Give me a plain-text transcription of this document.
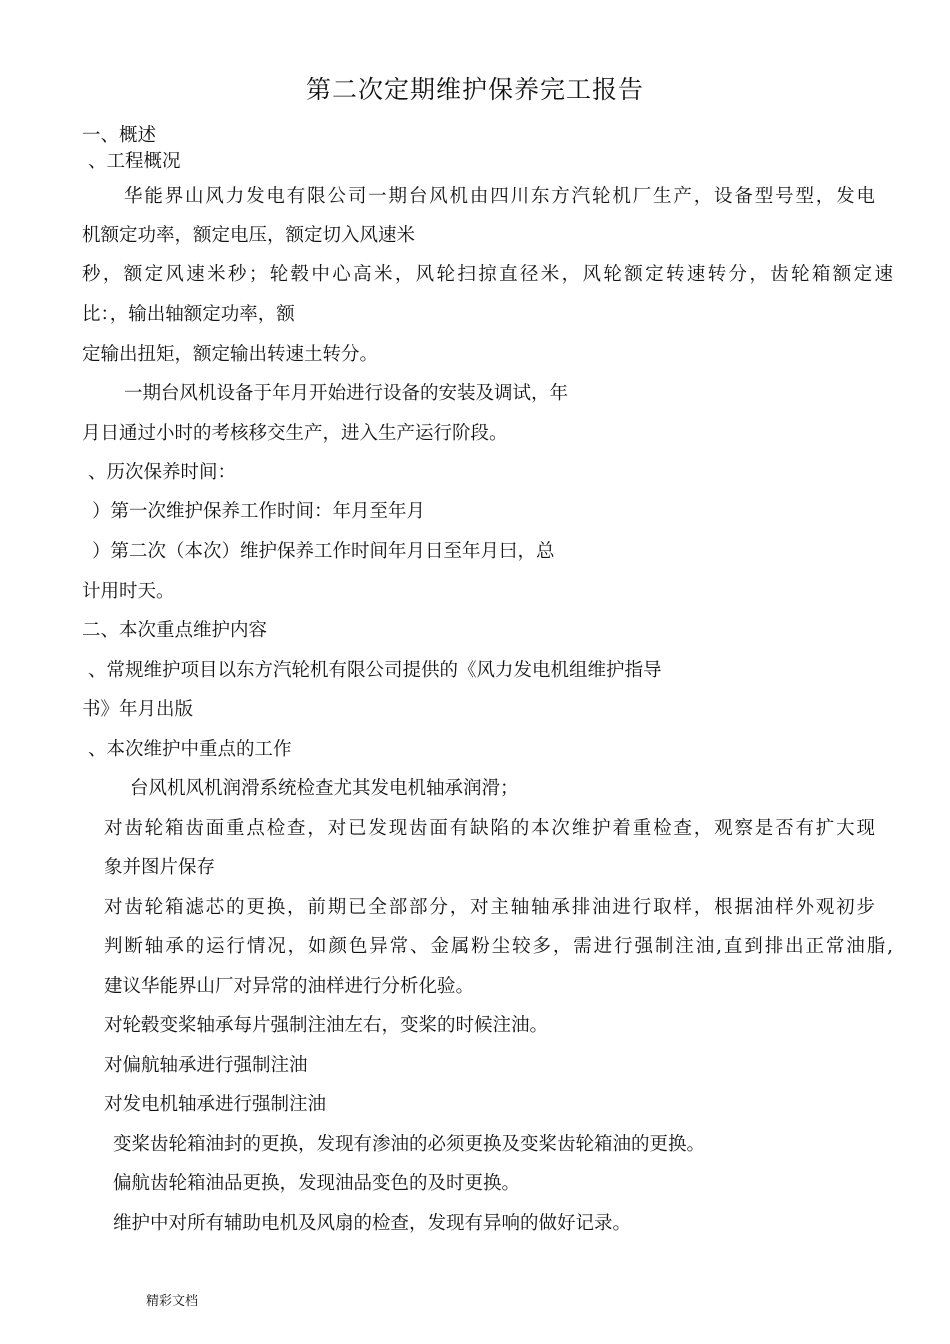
第二次定期维护保养完工报告

一、概述

、工程概况

华能界山风力发电有限公司一期台风机由四川东方汽轮机厂生产，设备型号型，发电

机额定功率，额定电压，额定切入风速米

秒，额定风速米秒；轮毂中心高米，风轮扫掠直径米，风轮额定转速转分，齿轮箱额定速

比：，输出轴额定功率，额

定输出扭矩，额定输出转速土转分。

一期台风机设备于年月开始进行设备的安装及调试，年

月日通过小时的考核移交生产，进入生产运行阶段。

、历次保养时间：

）第一次维护保养工作时间：年月至年月

）第二次（本次）维护保养工作时间年月日至年月曰，总

计用时天。

二、本次重点维护内容

、常规维护项目以东方汽轮机有限公司提供的《风力发电机组维护指导

书》年月出版

、本次维护中重点的工作

台风机风机润滑系统检查尤其发电机轴承润滑；

对齿轮箱齿面重点检查，对已发现齿面有缺陷的本次维护着重检查，观察是否有扩大现

象并图片保存

对齿轮箱滤芯的更换，前期已全部部分，对主轴轴承排油进行取样，根据油样外观初步

判断轴承的运行情况，如颜色异常、金属粉尘较多，需进行强制注油,直到排出正常油脂,

建议华能界山厂对异常的油样进行分析化验。

对轮毂变桨轴承每片强制注油左右，变桨的时候注油。

对偏航轴承进行强制注油

对发电机轴承进行强制注油

变桨齿轮箱油封的更换，发现有渗油的必须更换及变桨齿轮箱油的更换。

偏航齿轮箱油品更换，发现油品变色的及时更换。

维护中对所有辅助电机及风扇的检查，发现有异响的做好记录。

精彩文档
